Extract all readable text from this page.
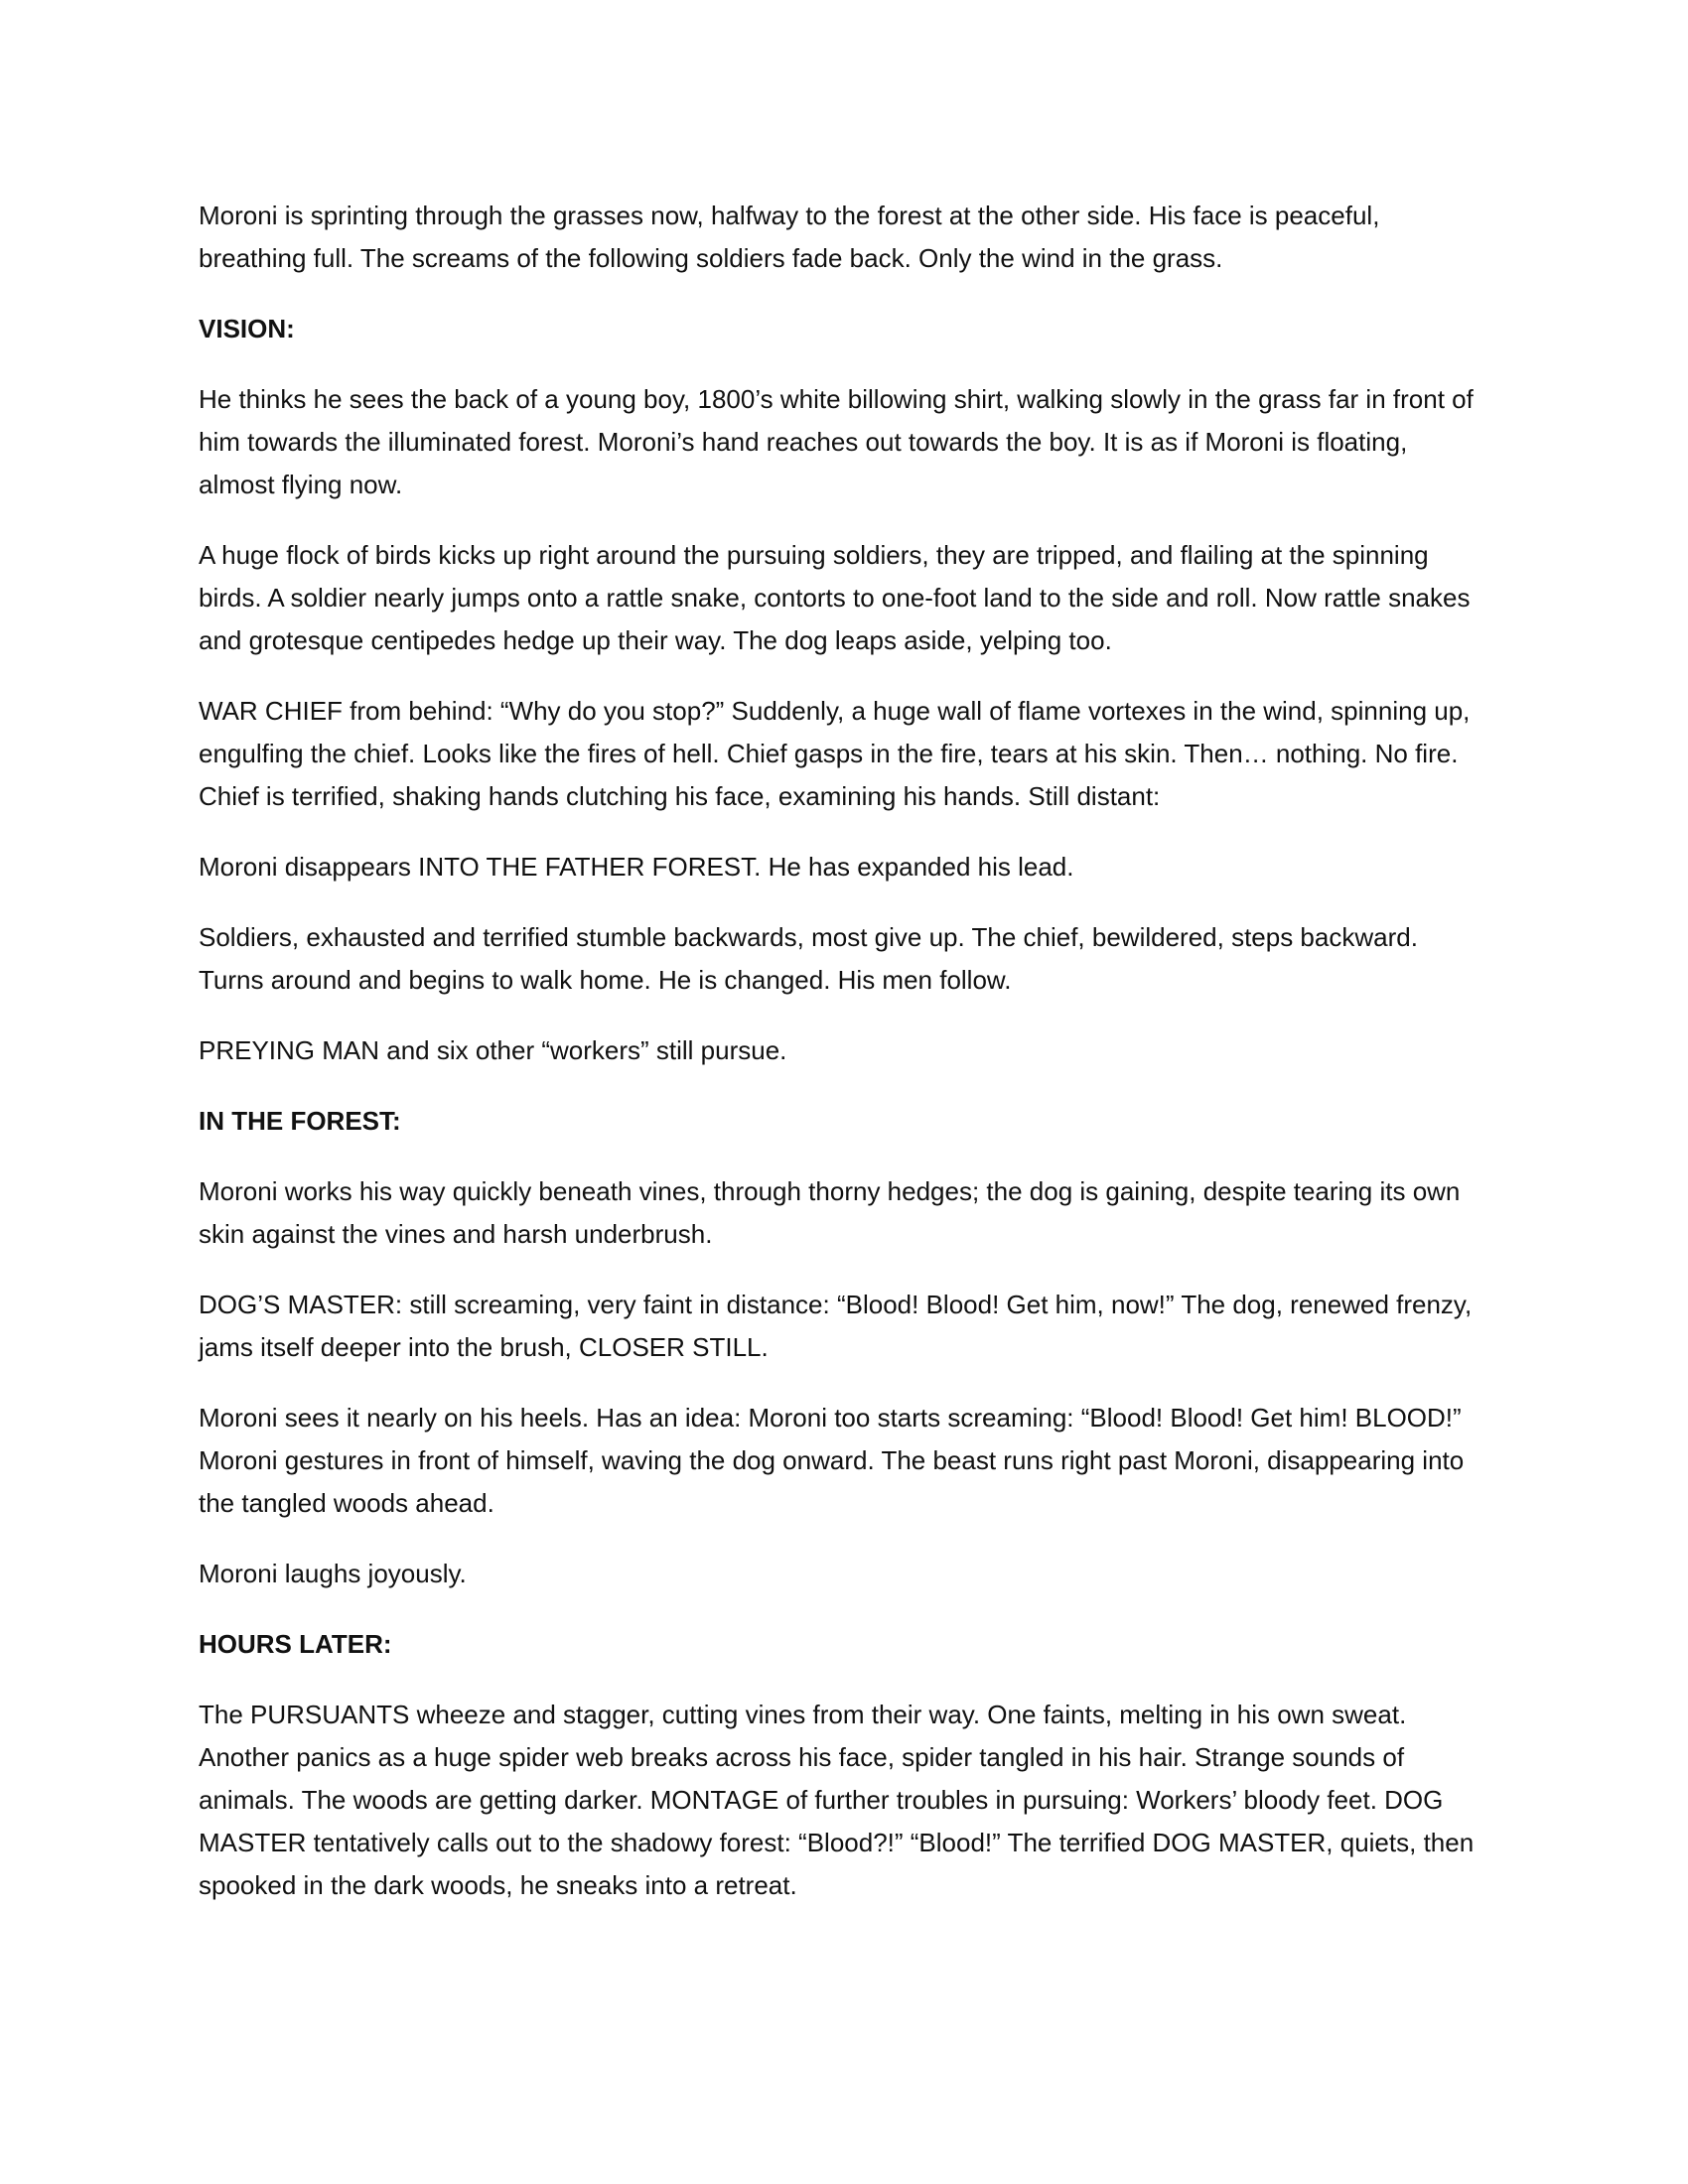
Moroni is sprinting through the grasses now, halfway to the forest at the other side. His face is peaceful, breathing full. The screams of the following soldiers fade back. Only the wind in the grass.

VISION:

He thinks he sees the back of a young boy, 1800’s white billowing shirt, walking slowly in the grass far in front of him towards the illuminated forest. Moroni’s hand reaches out towards the boy. It is as if Moroni is floating, almost flying now.

A huge flock of birds kicks up right around the pursuing soldiers, they are tripped, and flailing at the spinning birds. A soldier nearly jumps onto a rattle snake, contorts to one-foot land to the side and roll. Now rattle snakes and grotesque centipedes hedge up their way. The dog leaps aside, yelping too.

WAR CHIEF from behind: “Why do you stop?” Suddenly, a huge wall of flame vortexes in the wind, spinning up, engulfing the chief. Looks like the fires of hell. Chief gasps in the fire, tears at his skin. Then… nothing. No fire. Chief is terrified, shaking hands clutching his face, examining his hands. Still distant:

Moroni disappears INTO THE FATHER FOREST. He has expanded his lead.

Soldiers, exhausted and terrified stumble backwards, most give up. The chief, bewildered, steps backward. Turns around and begins to walk home. He is changed. His men follow.

PREYING MAN and six other “workers” still pursue.

IN THE FOREST:

Moroni works his way quickly beneath vines, through thorny hedges; the dog is gaining, despite tearing its own skin against the vines and harsh underbrush.

DOG’S MASTER: still screaming, very faint in distance: “Blood! Blood! Get him, now!” The dog, renewed frenzy, jams itself deeper into the brush, CLOSER STILL.

Moroni sees it nearly on his heels. Has an idea: Moroni too starts screaming: “Blood! Blood! Get him! BLOOD!” Moroni gestures in front of himself, waving the dog onward. The beast runs right past Moroni, disappearing into the tangled woods ahead.

Moroni laughs joyously.

HOURS LATER:

The PURSUANTS wheeze and stagger, cutting vines from their way. One faints, melting in his own sweat. Another panics as a huge spider web breaks across his face, spider tangled in his hair. Strange sounds of animals. The woods are getting darker. MONTAGE of further troubles in pursuing: Workers’ bloody feet. DOG MASTER tentatively calls out to the shadowy forest: “Blood?!” “Blood!” The terrified DOG MASTER, quiets, then spooked in the dark woods, he sneaks into a retreat.
